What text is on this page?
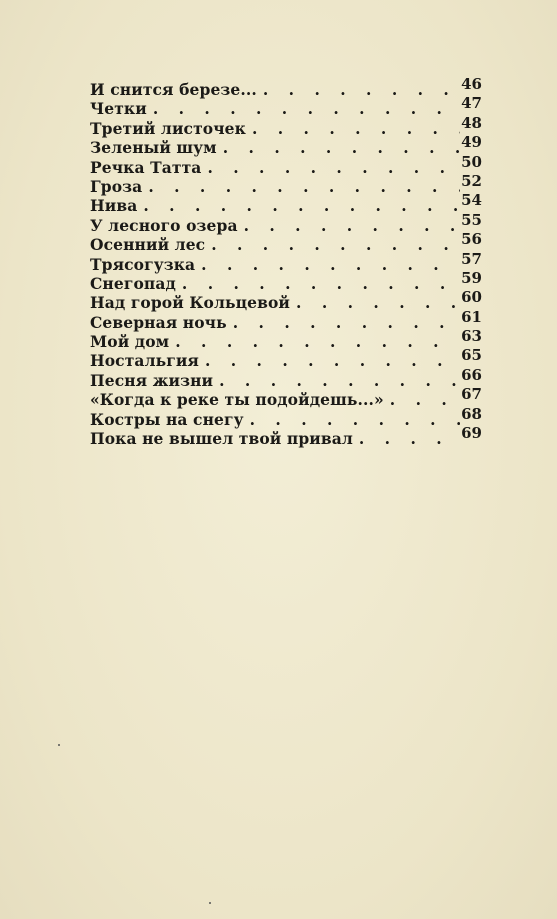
И снится березе... . . .	46
Четки . . .	47
Третий листочек . . .	48
Зеленый шум . . .	49
Речка Татта . . .	50
Гроза . . .	52
Нива . . .	54
У лесного озера . . .	55
Осенний лес . . .	56
Трясогузка . . .	57
Снегопад . . .	59
Над горой Кольцевой . . .	60
Северная ночь . . .	61
Мой дом . . .	63
Ностальгия . . .	65
Песня жизни . . .	66
«Когда к реке ты подойдешь...» . . .	67
Костры на снегу . . .	68
Пока не вышел твой привал . . .	69
